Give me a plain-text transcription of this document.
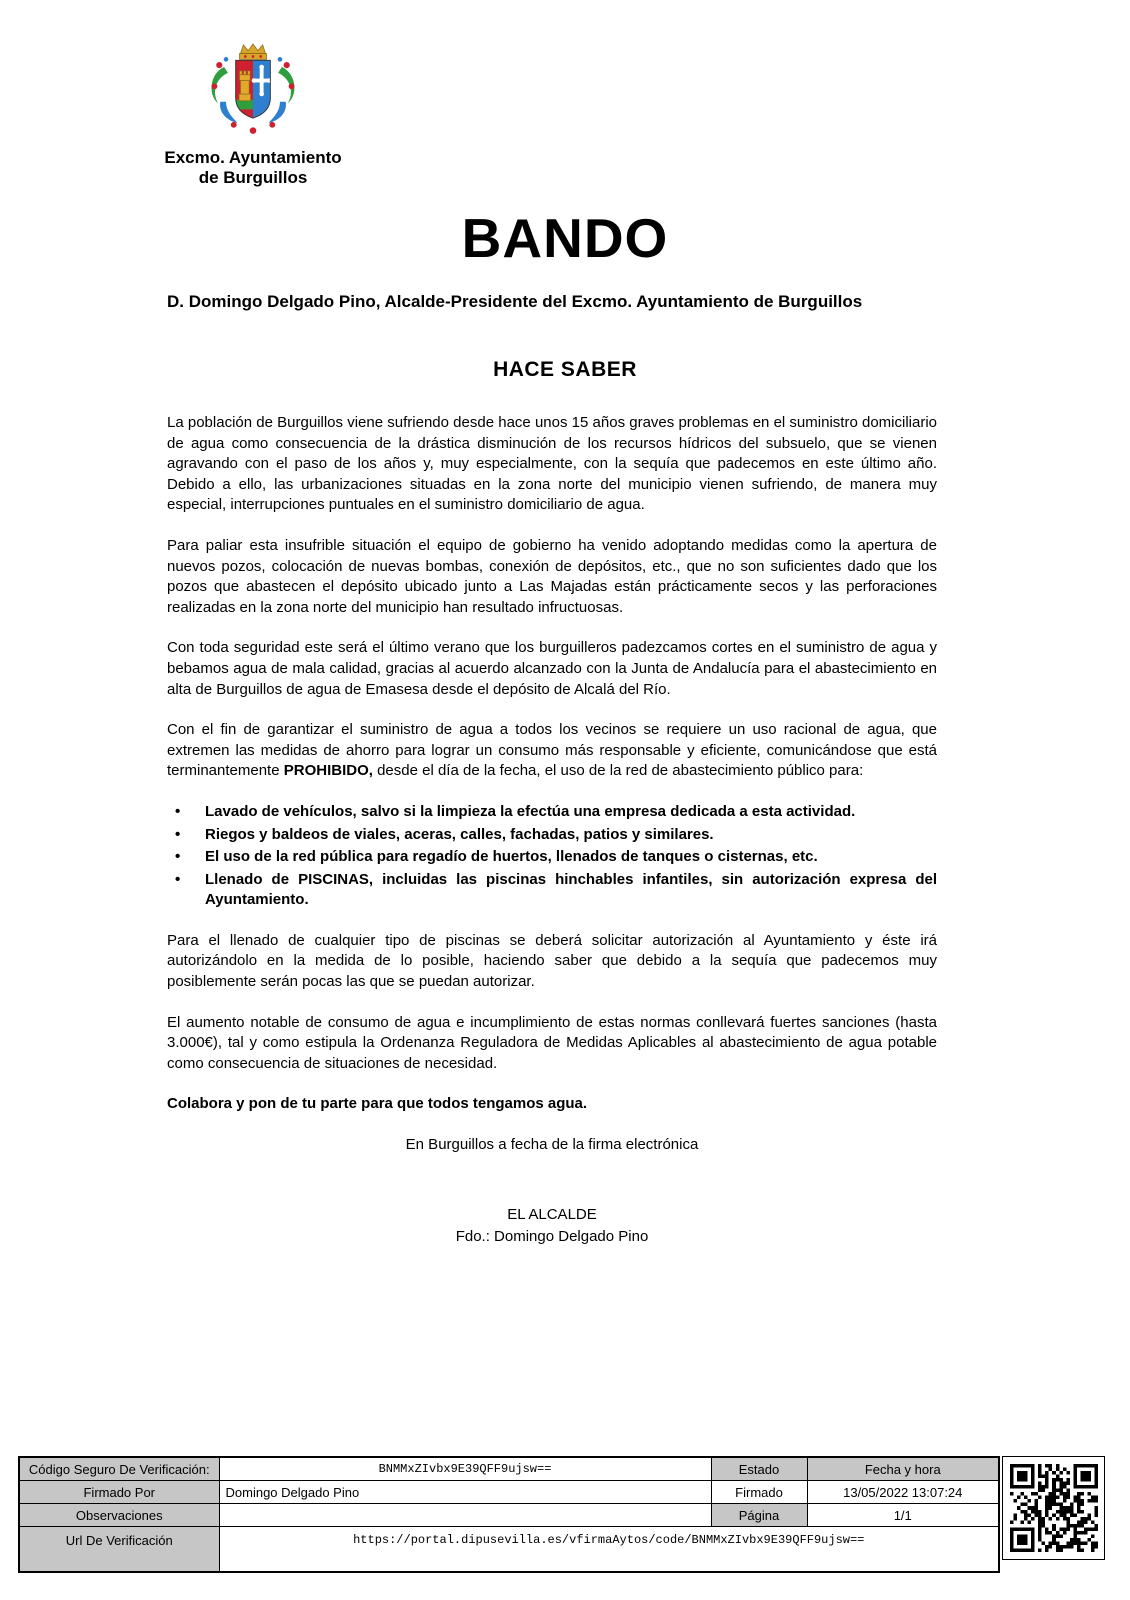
Excmo. Ayuntamiento
de Burguillos
BANDO
D. Domingo Delgado Pino, Alcalde-Presidente del Excmo. Ayuntamiento de Burguillos
HACE SABER

La población de Burguillos viene sufriendo desde hace unos 15 años graves problemas en el suministro domiciliario de agua como consecuencia de la drástica disminución de los recursos hídricos del subsuelo, que se vienen agravando con el paso de los años y, muy especialmente, con la sequía que padecemos en este último año. Debido a ello, las urbanizaciones situadas en la zona norte del municipio vienen sufriendo, de manera muy especial, interrupciones puntuales en el suministro domiciliario de agua.

Para paliar esta insufrible situación el equipo de gobierno ha venido adoptando medidas como la apertura de nuevos pozos, colocación de nuevas bombas, conexión de depósitos, etc., que no son suficientes dado que los pozos que abastecen el depósito ubicado junto a Las Majadas están prácticamente secos y las perforaciones realizadas en la zona norte del municipio han resultado infructuosas.

Con toda seguridad este será el último verano que los burguilleros padezcamos cortes en el suministro de agua y bebamos agua de mala calidad, gracias al acuerdo alcanzado con la Junta de Andalucía para el abastecimiento en alta de Burguillos de agua de Emasesa desde el depósito de Alcalá del Río.

Con el fin de garantizar el suministro de agua a todos los vecinos se requiere un uso racional de agua, que extremen las medidas de ahorro para lograr un consumo más responsable y eficiente, comunicándose que está terminantemente PROHIBIDO, desde el día de la fecha, el uso de la red de abastecimiento público para:

• Lavado de vehículos, salvo si la limpieza la efectúa una empresa dedicada a esta actividad.
• Riegos y baldeos de viales, aceras, calles, fachadas, patios y similares.
• El uso de la red pública para regadío de huertos, llenados de tanques o cisternas, etc.
• Llenado de PISCINAS, incluidas las piscinas hinchables infantiles, sin autorización expresa del Ayuntamiento.

Para el llenado de cualquier tipo de piscinas se deberá solicitar autorización al Ayuntamiento y éste irá autorizándolo en la medida de lo posible, haciendo saber que debido a la sequía que padecemos muy posiblemente serán pocas las que se puedan autorizar.

El aumento notable de consumo de agua e incumplimiento de estas normas conllevará fuertes sanciones (hasta 3.000€), tal y como estipula la Ordenanza Reguladora de Medidas Aplicables al abastecimiento de agua potable como consecuencia de situaciones de necesidad.

Colabora y pon de tu parte para que todos tengamos agua.

En Burguillos a fecha de la firma electrónica

EL ALCALDE
Fdo.: Domingo Delgado Pino
Código Seguro De Verificación:	BNMMxZIvbx9E39QFF9ujsw==	Estado	Fecha y hora
Firmado Por	Domingo Delgado Pino	Firmado	13/05/2022 13:07:24
Observaciones		Página	1/1
Url De Verificación	https://portal.dipusevilla.es/vfirmaAytos/code/BNMMxZIvbx9E39QFF9ujsw==		
